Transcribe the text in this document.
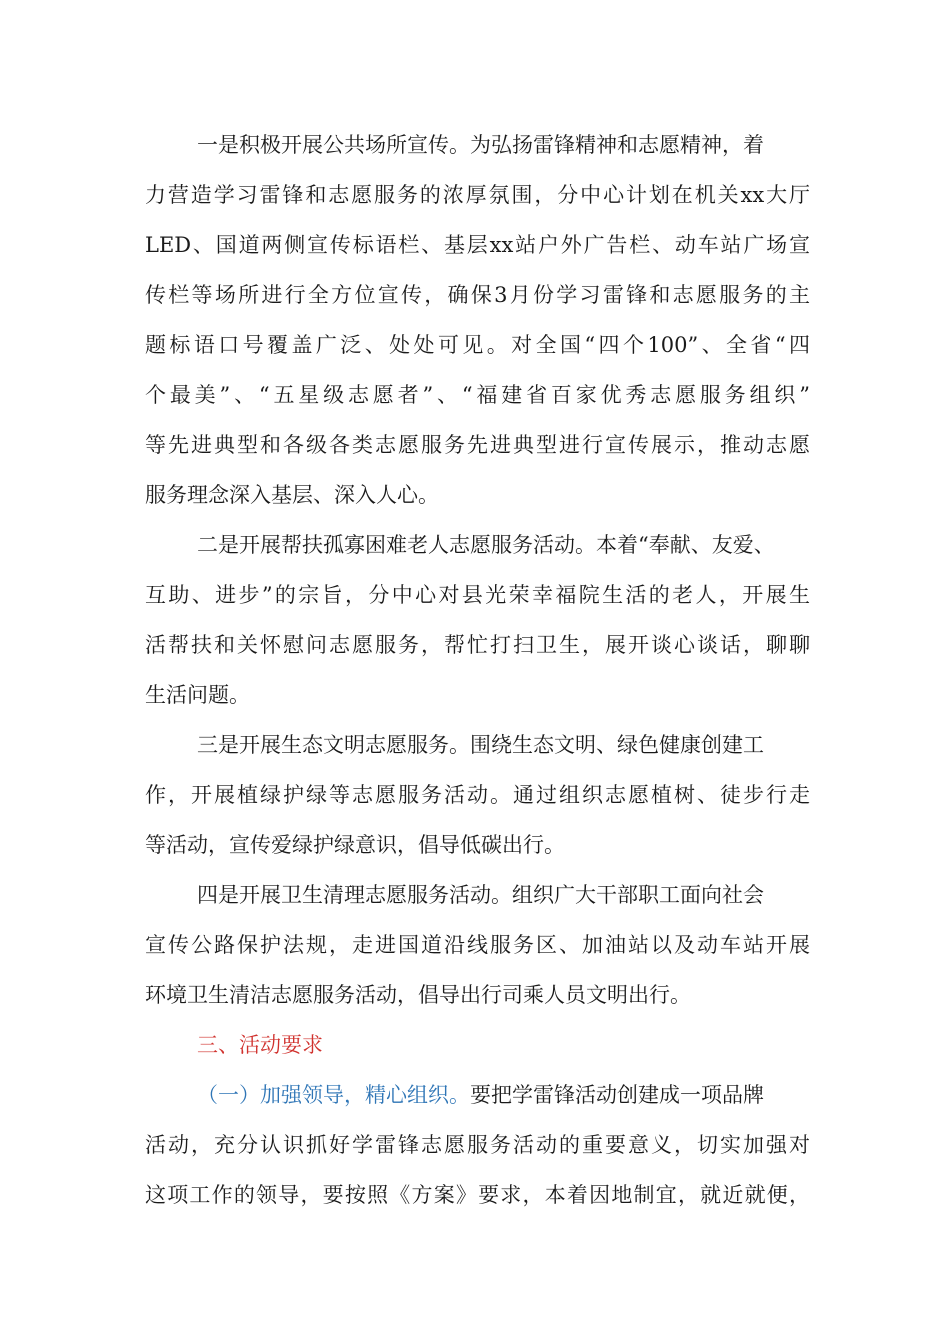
一是积极开展公共场所宣传。为弘扬雷锋精神和志愿精神，着
力营造学习雷锋和志愿服务的浓厚氛围，分中心计划在机关xx大厅
LED、国道两侧宣传标语栏、基层xx站户外广告栏、动车站广场宣
传栏等场所进行全方位宣传，确保3月份学习雷锋和志愿服务的主
题标语口号覆盖广泛、处处可见。对全国“四个100”、全省“四
个最美”、“五星级志愿者”、“福建省百家优秀志愿服务组织”
等先进典型和各级各类志愿服务先进典型进行宣传展示，推动志愿
服务理念深入基层、深入人心。
二是开展帮扶孤寡困难老人志愿服务活动。本着“奉献、友爱、
互助、进步”的宗旨，分中心对县光荣幸福院生活的老人，开展生
活帮扶和关怀慰问志愿服务，帮忙打扫卫生，展开谈心谈话，聊聊
生活问题。
三是开展生态文明志愿服务。围绕生态文明、绿色健康创建工
作，开展植绿护绿等志愿服务活动。通过组织志愿植树、徒步行走
等活动，宣传爱绿护绿意识，倡导低碳出行。
四是开展卫生清理志愿服务活动。组织广大干部职工面向社会
宣传公路保护法规，走进国道沿线服务区、加油站以及动车站开展
环境卫生清洁志愿服务活动，倡导出行司乘人员文明出行。
三、活动要求
（一）加强领导，精心组织。要把学雷锋活动创建成一项品牌
活动，充分认识抓好学雷锋志愿服务活动的重要意义，切实加强对
这项工作的领导，要按照《方案》要求，本着因地制宜，就近就便，
